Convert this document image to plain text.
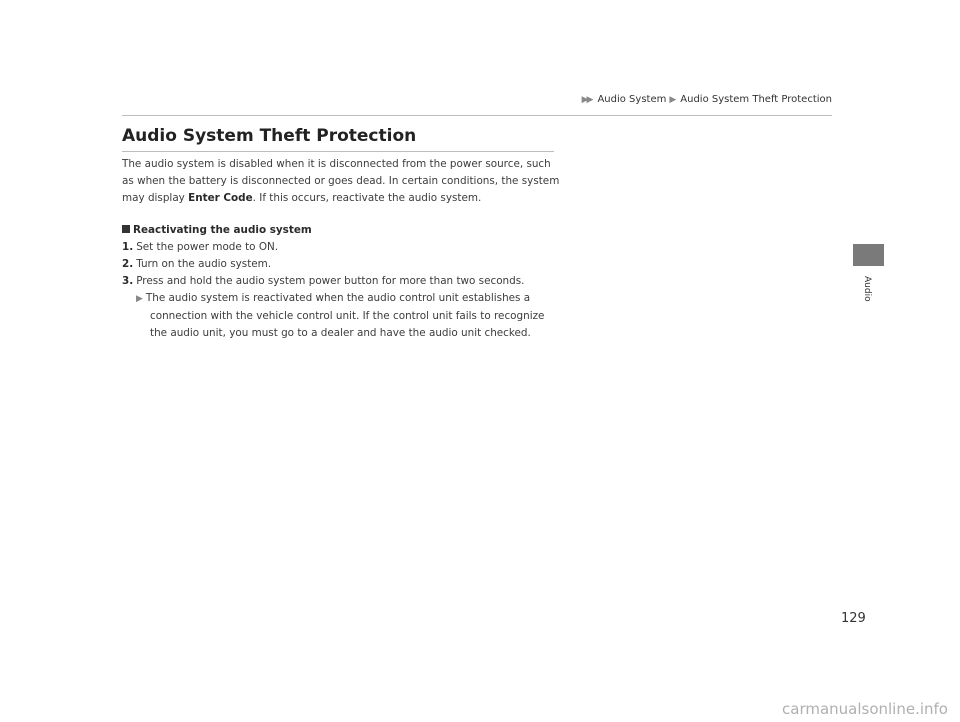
▶▶ Audio System ▶ Audio System Theft Protection
Audio
Audio System Theft Protection

The audio system is disabled when it is disconnected from the power source, such as when the battery is disconnected or goes dead. In certain conditions, the system may display Enter Code. If this occurs, reactivate the audio system.

Reactivating the audio system

1. Set the power mode to ON.

2. Turn on the audio system.

3. Press and hold the audio system power button for more than two seconds.

▶ The audio system is reactivated when the audio control unit establishes a
connection with the vehicle control unit. If the control unit fails to recognize
the audio unit, you must go to a dealer and have the audio unit checked.

129
carmanualsonline.info
